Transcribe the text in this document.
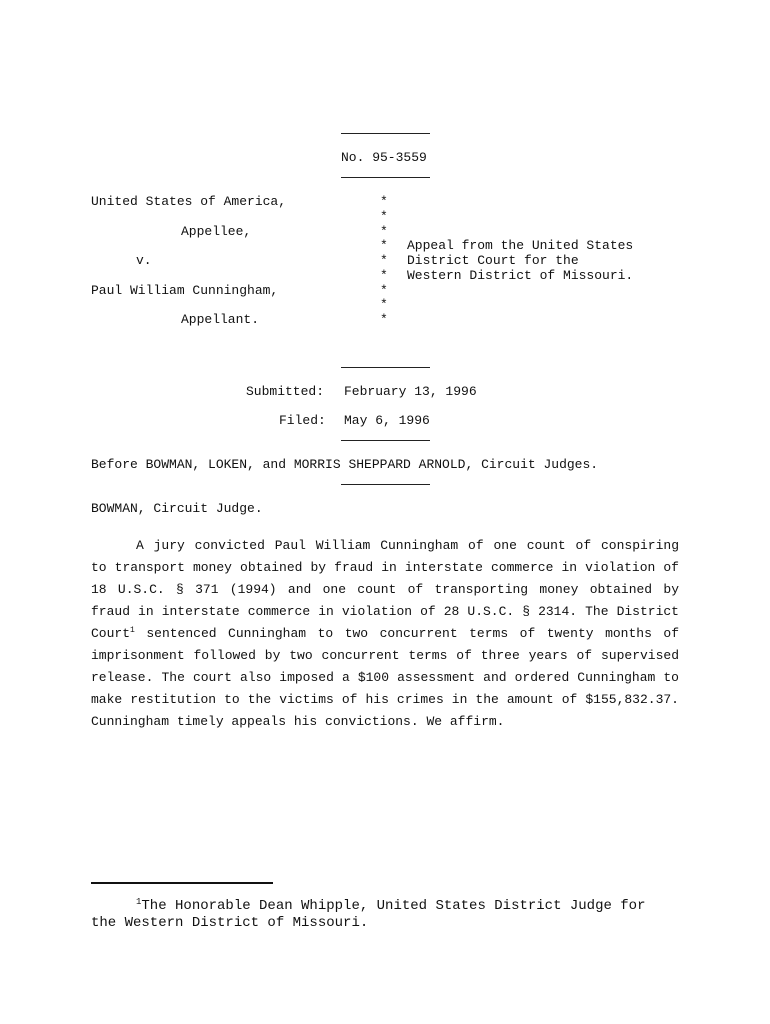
No. 95-3559
United States of America,
Appellee,
v.
Paul William Cunningham,
Appellant.
*
*
*
*
*
*
*
*
*
Appeal from the United States
District Court for the
Western District of Missouri.
Submitted: February 13, 1996
Filed: May 6, 1996
Before BOWMAN, LOKEN, and MORRIS SHEPPARD ARNOLD, Circuit Judges.
BOWMAN, Circuit Judge.
A jury convicted Paul William Cunningham of one count of conspiring to transport money obtained by fraud in interstate commerce in violation of 18 U.S.C. § 371 (1994) and one count of transporting money obtained by fraud in interstate commerce in violation of 28 U.S.C. § 2314. The District Court$^1$ sentenced Cunningham to two concurrent terms of twenty months of imprisonment followed by two concurrent terms of three years of supervised release. The court also imposed a $100 assessment and ordered Cunningham to make restitution to the victims of his crimes in the amount of $155,832.37. Cunningham timely appeals his convictions. We affirm.
$^1$The Honorable Dean Whipple, United States District Judge for the Western District of Missouri.
